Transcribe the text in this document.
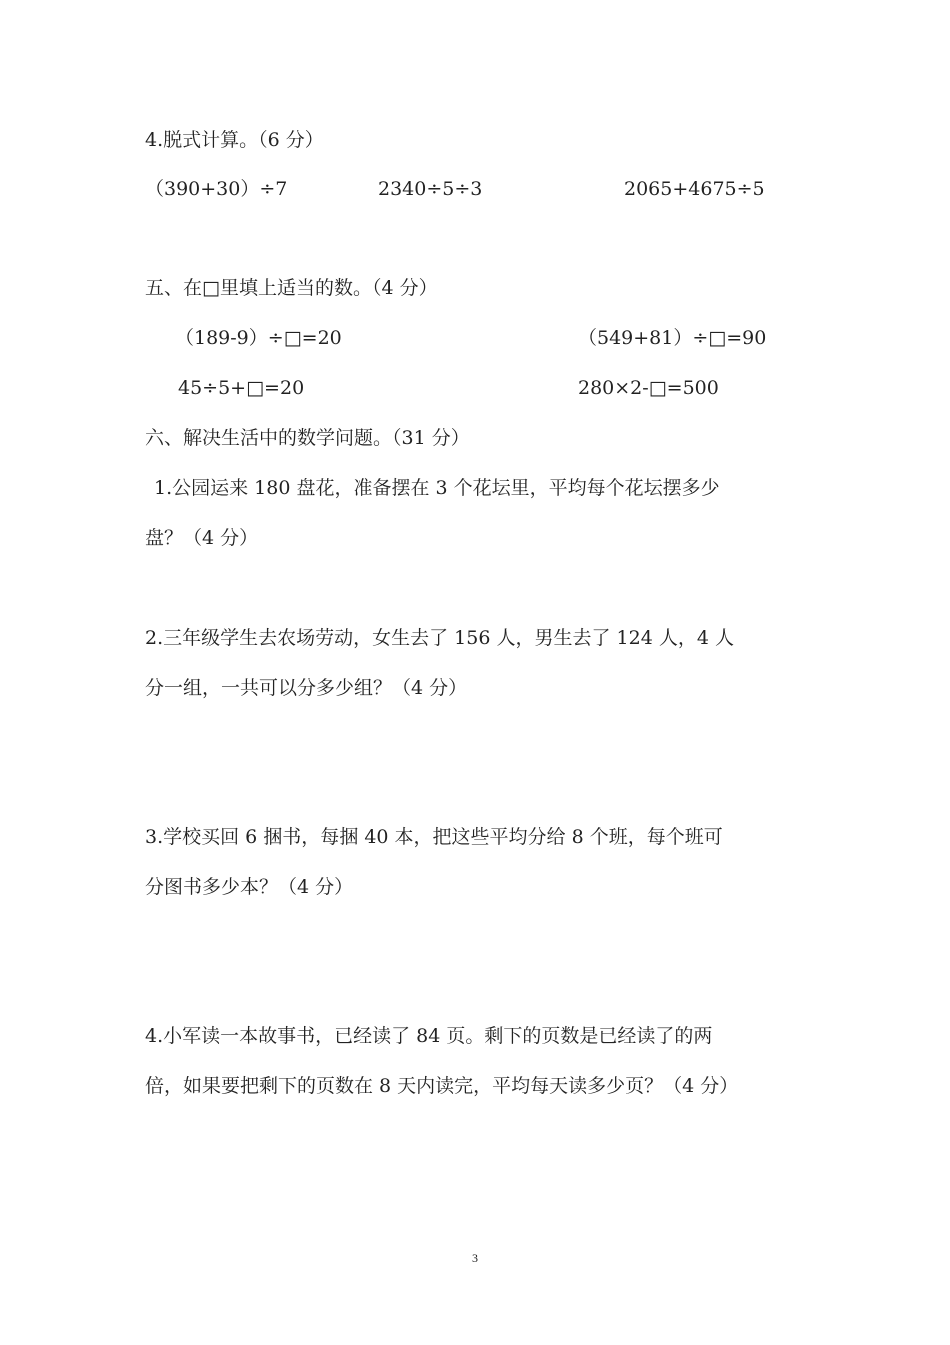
4.脱式计算。（6 分）
（390+30）÷7	2340÷5÷3	2065+4675÷5
五、在□里填上适当的数。（4 分）
（189-9）÷□=20	（549+81）÷□=90
45÷5+□=20	280×2-□=500
六、解决生活中的数学问题。（31 分）
1.公园运来 180 盘花，准备摆在 3 个花坛里，平均每个花坛摆多少
盘？（4 分）
2.三年级学生去农场劳动，女生去了 156 人，男生去了 124 人，4 人
分一组，一共可以分多少组？（4 分）
3.学校买回 6 捆书，每捆 40 本，把这些平均分给 8 个班，每个班可
分图书多少本？（4 分）
4.小军读一本故事书，已经读了 84 页。剩下的页数是已经读了的两
倍，如果要把剩下的页数在 8 天内读完，平均每天读多少页？（4 分）
3
